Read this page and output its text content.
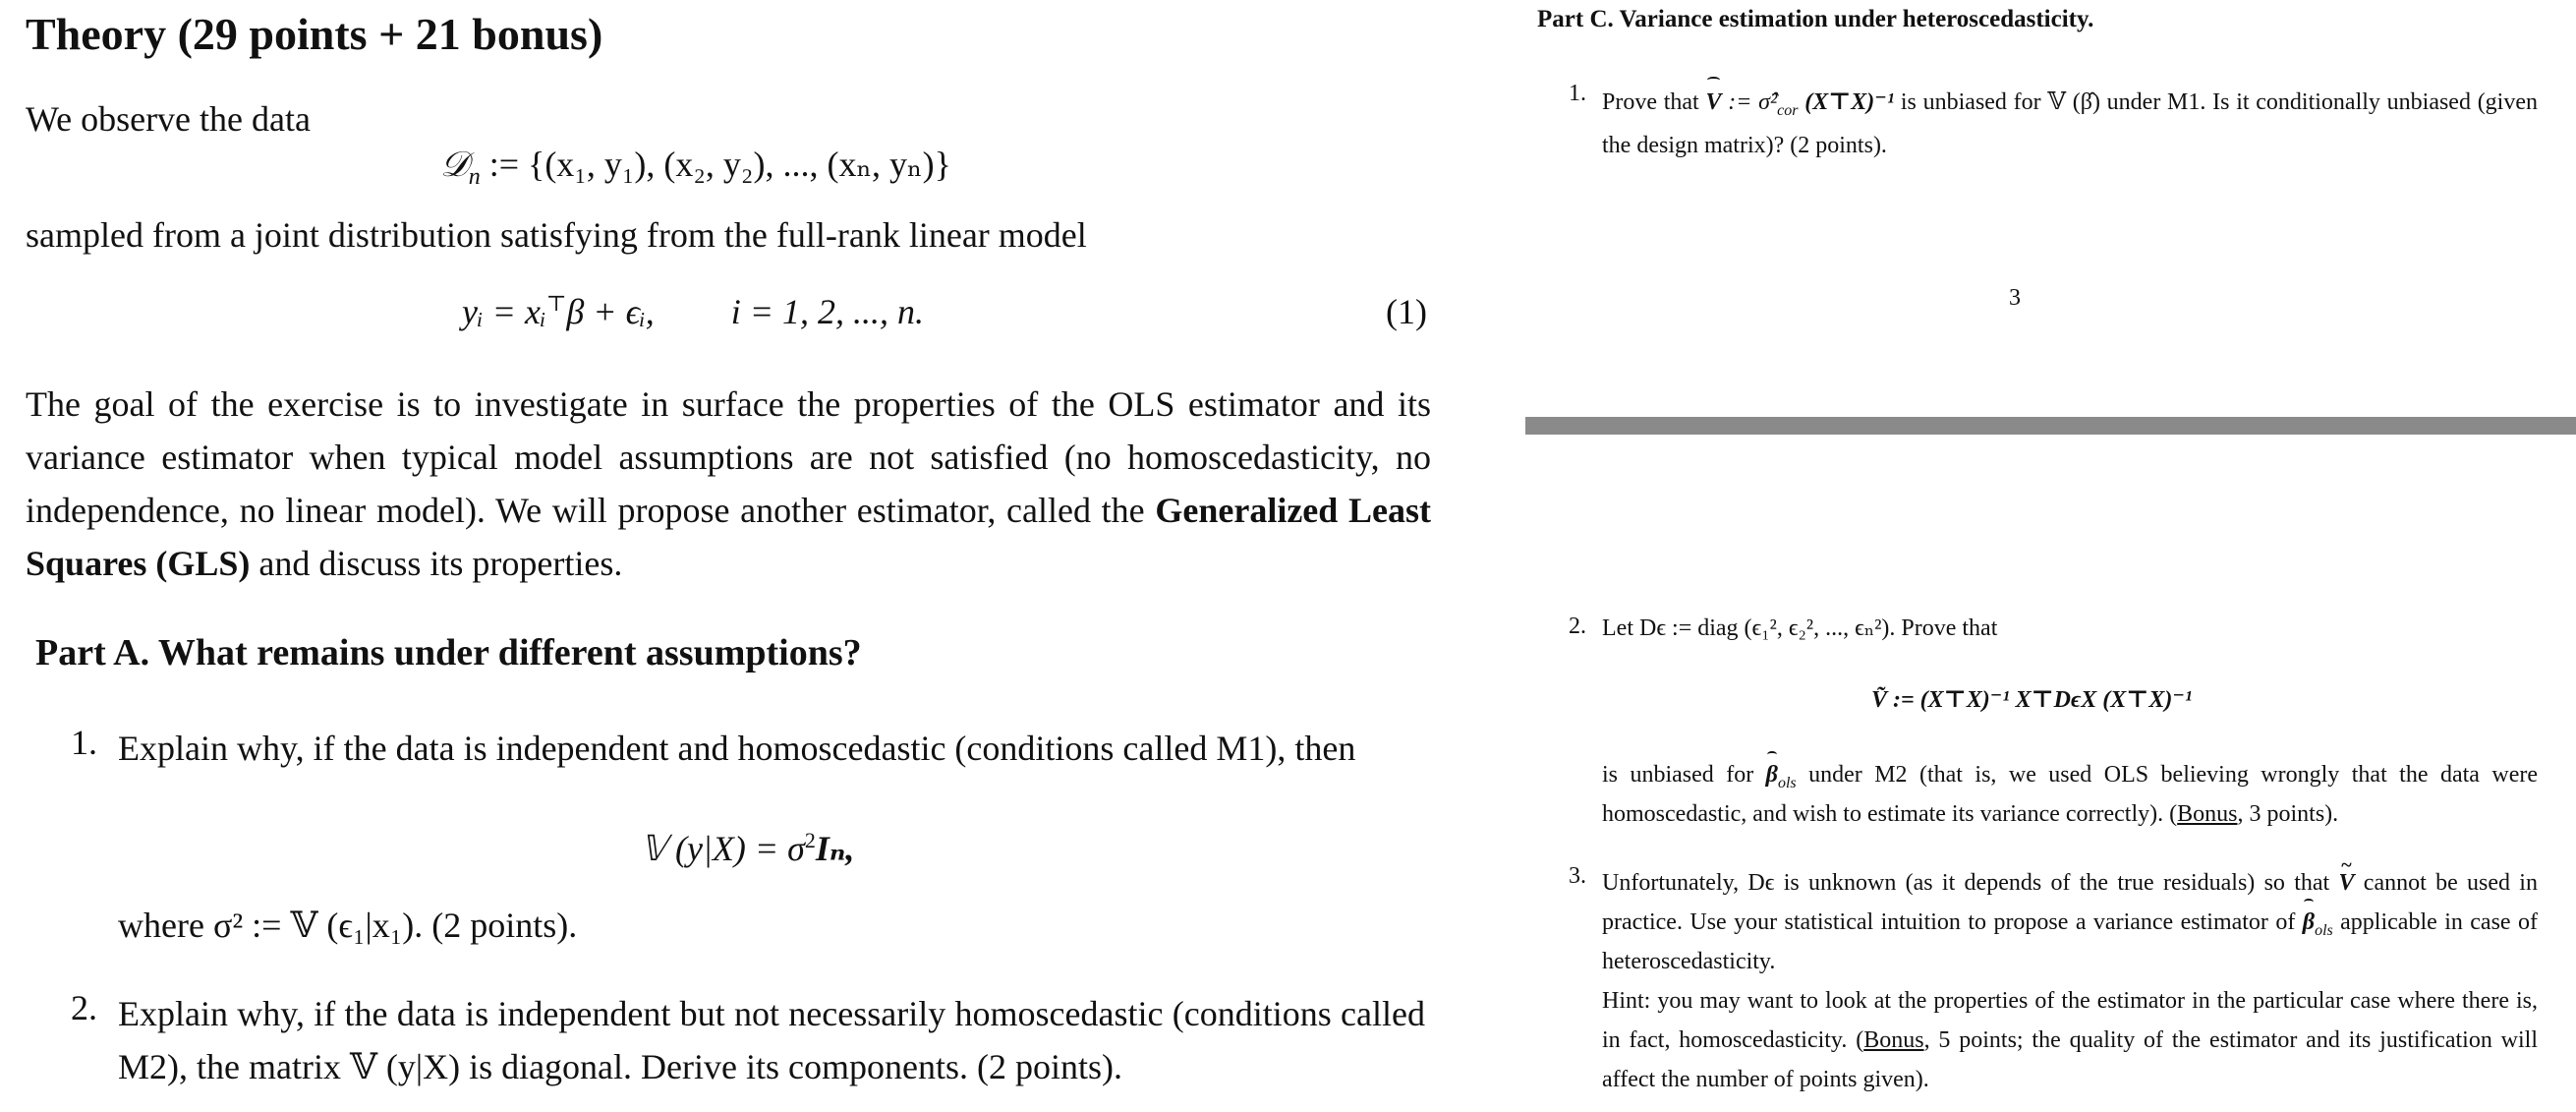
Theory (29 points + 21 bonus)

We observe the data

𝒟$_n$ := {(x₁, y₁), (x₂, y₂), ..., (xₙ, yₙ)}

sampled from a joint distribution satisfying from the full-rank linear model

yᵢ = xᵢ⊤β + ϵᵢ, i = 1, 2, ..., n.	(1)

The goal of the exercise is to investigate in surface the properties of the OLS estimator and its variance estimator when typical model assumptions are not satisfied (no homoscedasticity, no independence, no linear model). We will propose another estimator, called the Generalized Least Squares (GLS) and discuss its properties.

Part A. What remains under different assumptions?

1. Explain why, if the data is independent and homoscedastic (conditions called M1), then

𝕍 $(y|X) = \sigma^2I_n$,

where σ² := 𝕍 (ϵ₁|x₁). (2 points).

2. Explain why, if the data is independent but not necessarily homoscedastic (conditions called M2), the matrix 𝕍 (y|X) is diagonal. Derive its components. (2 points).

Part C. Variance estimation under heteroscedasticity.

1. Prove that V := $\sigmâ^2_{cor}$ (X⊤X)⁻¹ is unbiased for 𝕍 (β̂) under M1. Is it conditionally unbiased (given the design matrix)? (2 points).

3
2. Let Dϵ := diag (ϵ₁², ϵ₂², ..., ϵₙ²). Prove that

Ṽ := (X⊤X)⁻¹ X⊤DϵX (X⊤X)⁻¹

is unbiased for $\beta_{ols}$ under M2 (that is, we used OLS believing wrongly that the data were homoscedastic, and wish to estimate its variance correctly). (Bonus, 3 points).

3. Unfortunately, Dϵ is unknown (as it depends of the true residuals) so that ~ V cannot be used in practice. Use your statistical intuition to propose a variance estimator of $\beta_{ols}$ applicable in case of heteroscedasticity.
Hint: you may want to look at the properties of the estimator in the particular case where there is, in fact, homoscedasticity. (Bonus, 5 points; the quality of the estimator and its justification will affect the number of points given).
